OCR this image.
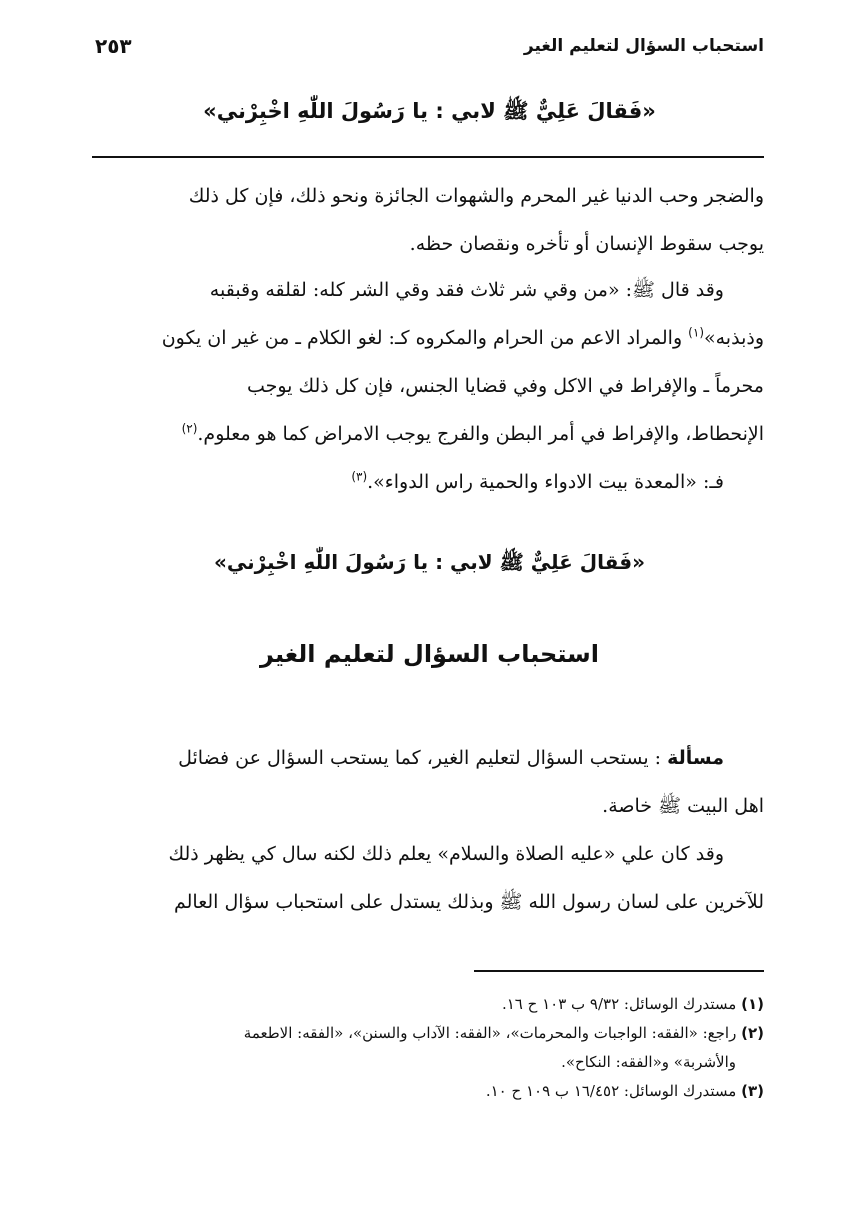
استحباب السؤال لتعليم الغير
٢٥٣
«فَقالَ عَلِيٌّ ﷺ لابي : يا رَسُولَ اللّٰهِ اخْبِرْني»
والضجر وحب الدنيا غير المحرم والشهوات الجائزة ونحو ذلك، فإن كل ذلك
يوجب سقوط الإنسان أو تأخره ونقصان حظه.
وقد قال ﷺ: «من وقي شر ثلاث فقد وقي الشر كله: لقلقه وقبقبه
وذبذبه»$^{(١)}$ والمراد الاعم من الحرام والمكروه كـ: لغو الكلام ـ من غير ان يكون
محرماً ـ والإفراط في الاكل وفي قضايا الجنس، فإن كل ذلك يوجب
الإنحطاط، والإفراط في أمر البطن والفرج يوجب الامراض كما هو معلوم.$^{(٢)}$
فـ: «المعدة بيت الادواء والحمية راس الدواء».$^{(٣)}$
«فَقالَ عَلِيٌّ ﷺ لابي : يا رَسُولَ اللّٰهِ اخْبِرْني»
استحباب السؤال لتعليم الغير
مسألة : يستحب السؤال لتعليم الغير، كما يستحب السؤال عن فضائل
اهل البيت ﷺ خاصة.
وقد كان علي «عليه الصلاة والسلام» يعلم ذلك لكنه سال كي يظهر ذلك
للآخرين على لسان رسول الله ﷺ وبذلك يستدل على استحباب سؤال العالم
(١) مستدرك الوسائل: ٩/٣٢ ب ١٠٣ ح ١٦.
(٢) راجع: «الفقه: الواجبات والمحرمات»، «الفقه: الآداب والسنن»، «الفقه: الاطعمة
والأشربة» و«الفقه: النكاح».
(٣) مستدرك الوسائل: ١٦/٤٥٢ ب ١٠٩ ح ١٠.
